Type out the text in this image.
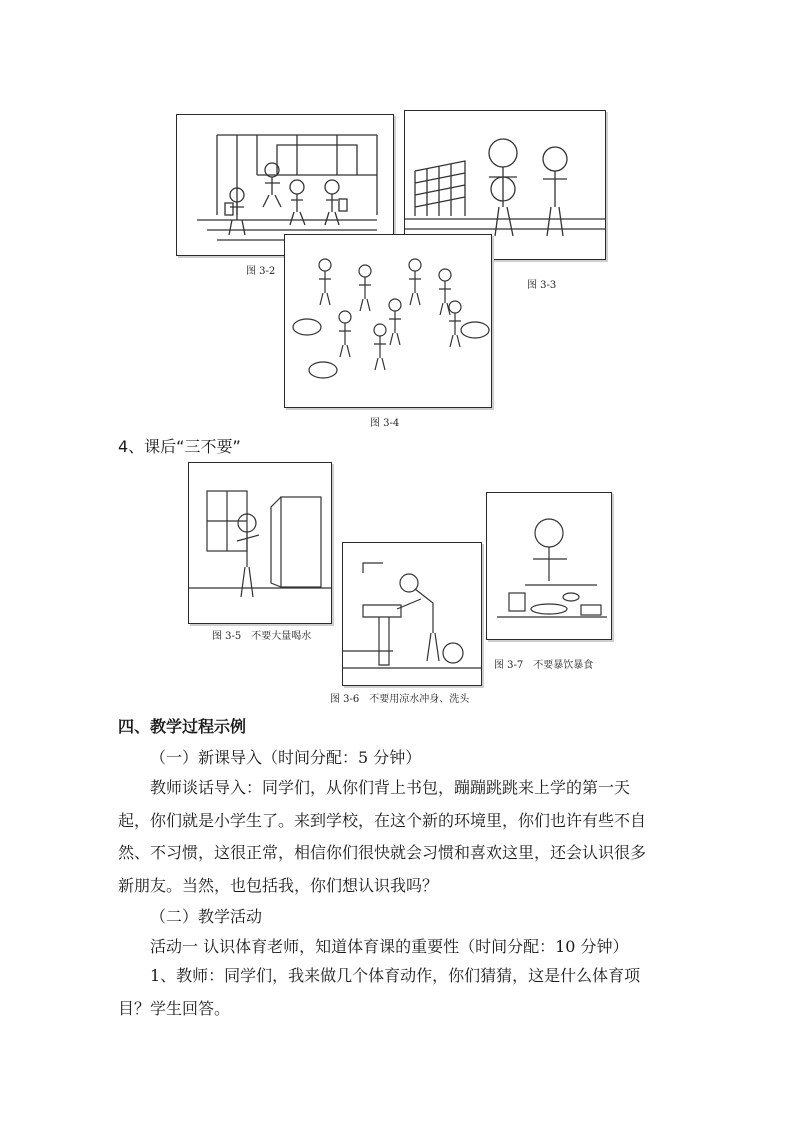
图 3-2
图 3-3
图 3-4
4、课后“三不要”
图 3-5　不要大量喝水
图 3-6　不要用凉水冲身、洗头
图 3-7　不要暴饮暴食
四、教学过程示例
（一）新课导入（时间分配：5 分钟）
教师谈话导入：同学们，从你们背上书包，蹦蹦跳跳来上学的第一天起，你们就是小学生了。来到学校，在这个新的环境里，你们也许有些不自然、不习惯，这很正常，相信你们很快就会习惯和喜欢这里，还会认识很多新朋友。当然，也包括我，你们想认识我吗？
（二）教学活动
活动一 认识体育老师，知道体育课的重要性（时间分配：10 分钟）
1、教师：同学们，我来做几个体育动作，你们猜猜，这是什么体育项目？学生回答。
